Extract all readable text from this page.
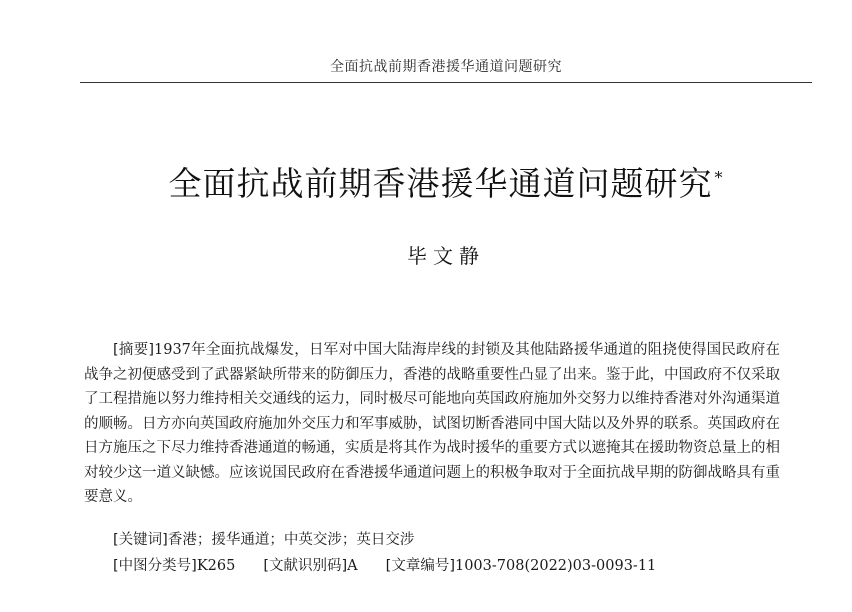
全面抗战前期香港援华通道问题研究
全面抗战前期香港援华通道问题研究 *
毕文静

[摘要]1937年全面抗战爆发，日军对中国大陆海岸线的封锁及其他陆路援华通道的阻挠使得国民政府在战争之初便感受到了武器紧缺所带来的防御压力，香港的战略重要性凸显了出来。鉴于此，中国政府不仅采取了工程措施以努力维持相关交通线的运力，同时极尽可能地向英国政府施加外交努力以维持香港对外沟通渠道的顺畅。日方亦向英国政府施加外交压力和军事威胁，试图切断香港同中国大陆以及外界的联系。英国政府在日方施压之下尽力维持香港通道的畅通，实质是将其作为战时援华的重要方式以遮掩其在援助物资总量上的相对较少这一道义缺憾。应该说国民政府在香港援华通道问题上的积极争取对于全面抗战早期的防御战略具有重要意义。

[关键词]香港；援华通道；中英交涉；英日交涉
[中图分类号]K265 [文献识别码]A [文章编号]1003-708(2022)03-0093-11
